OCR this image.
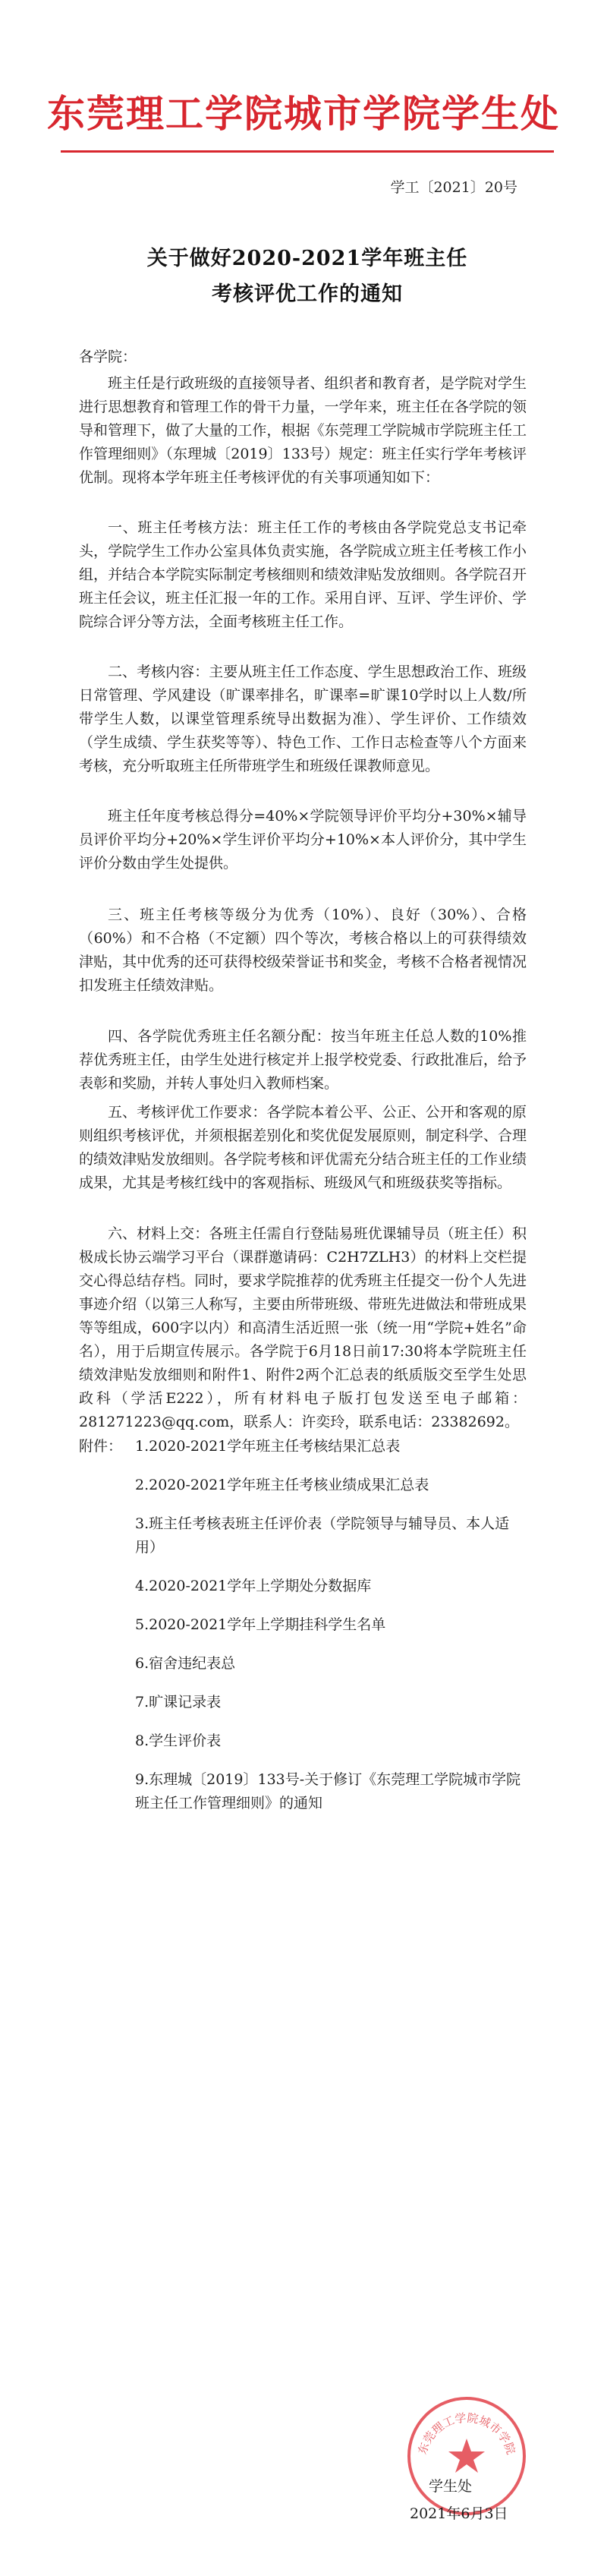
东莞理工学院城市学院学生处
学工〔2021〕20号
关于做好2020-2021学年班主任
考核评优工作的通知
各学院：
班主任是行政班级的直接领导者、组织者和教育者，是学院对学生进行思想教育和管理工作的骨干力量，一学年来，班主任在各学院的领导和管理下，做了大量的工作，根据《东莞理工学院城市学院班主任工作管理细则》（东理城〔2019〕133号）规定：班主任实行学年考核评优制。现将本学年班主任考核评优的有关事项通知如下：
一、班主任考核方法：班主任工作的考核由各学院党总支书记牵头，学院学生工作办公室具体负责实施，各学院成立班主任考核工作小组，并结合本学院实际制定考核细则和绩效津贴发放细则。各学院召开班主任会议，班主任汇报一年的工作。采用自评、互评、学生评价、学院综合评分等方法，全面考核班主任工作。
二、考核内容：主要从班主任工作态度、学生思想政治工作、班级日常管理、学风建设（旷课率排名，旷课率=旷课10学时以上人数/所带学生人数，以课堂管理系统导出数据为准）、学生评价、工作绩效（学生成绩、学生获奖等等）、特色工作、工作日志检查等八个方面来考核，充分听取班主任所带班学生和班级任课教师意见。
班主任年度考核总得分=40%×学院领导评价平均分+30%×辅导员评价平均分+20%×学生评价平均分+10%×本人评价分，其中学生评价分数由学生处提供。
三、班主任考核等级分为优秀（10%）、良好（30%）、合格（60%）和不合格（不定额）四个等次，考核合格以上的可获得绩效津贴，其中优秀的还可获得校级荣誉证书和奖金，考核不合格者视情况扣发班主任绩效津贴。
四、各学院优秀班主任名额分配：按当年班主任总人数的10%推荐优秀班主任，由学生处进行核定并上报学校党委、行政批准后，给予表彰和奖励，并转人事处归入教师档案。
五、考核评优工作要求：各学院本着公平、公正、公开和客观的原则组织考核评优，并须根据差别化和奖优促发展原则，制定科学、合理的绩效津贴发放细则。各学院考核和评优需充分结合班主任的工作业绩成果，尤其是考核红线中的客观指标、班级风气和班级获奖等指标。
六、材料上交：各班主任需自行登陆易班优课辅导员（班主任）积极成长协云端学习平台（课群邀请码：C2H7ZLH3）的材料上交栏提交心得总结存档。同时，要求学院推荐的优秀班主任提交一份个人先进事迹介绍（以第三人称写，主要由所带班级、带班先进做法和带班成果等等组成，600字以内）和高清生活近照一张（统一用“学院+姓名”命名），用于后期宣传展示。各学院于6月18日前17:30将本学院班主任绩效津贴发放细则和附件1、附件2两个汇总表的纸质版交至学生处思政科（学活E222），所有材料电子版打包发送至电子邮箱：281271223@qq.com，联系人：许奕玲，联系电话：23382692。
附件： 1.2020-2021学年班主任考核结果汇总表
2.2020-2021学年班主任考核业绩成果汇总表
3.班主任考核表班主任评价表（学院领导与辅导员、本人适用）
4.2020-2021学年上学期处分数据库
5.2020-2021学年上学期挂科学生名单
6.宿舍违纪表总
7.旷课记录表
8.学生评价表
9.东理城〔2019〕133号-关于修订《东莞理工学院城市学院班主任工作管理细则》的通知
东莞理工学院城市学院
学生处
2021年6月3日
